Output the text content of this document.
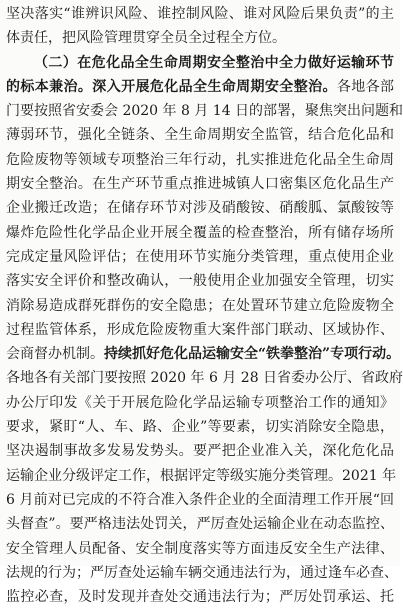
坚决落实“谁辨识风险、谁控制风险、谁对风险后果负责”的主
体责任，把风险管理贯穿全员全过程全方位。
（二）在危化品全生命周期安全整治中全力做好运输环节
的标本兼治。深入开展危化品全生命周期安全整治。各地各部
门要按照省安委会 2020 年 8 月 14 日的部署，聚焦突出问题和
薄弱环节，强化全链条、全生命周期安全监管，结合危化品和
危险废物等领域专项整治三年行动，扎实推进危化品全生命周
期安全整治。在生产环节重点推进城镇人口密集区危化品生产
企业搬迁改造；在储存环节对涉及硝酸铵、硝酸胍、氯酸铵等
爆炸危险性化学品企业开展全覆盖的检查整治，所有储存场所
完成定量风险评估；在使用环节实施分类管理，重点使用企业
落实安全评价和整改确认，一般使用企业加强安全管理，切实
消除易造成群死群伤的安全隐患；在处置环节建立危险废物全
过程监管体系，形成危险废物重大案件部门联动、区域协作、
会商督办机制。持续抓好危化品运输安全“铁拳整治”专项行动。
各地各有关部门要按照 2020 年 6 月 28 日省委办公厅、省政府
办公厅印发《关于开展危险化学品运输专项整治工作的通知》
要求，紧盯“人、车、路、企业”等要素，切实消除安全隐患，
坚决遏制事故多发易发势头。要严把企业准入关，深化危化品
运输企业分级评定工作，根据评定等级实施分类管理。2021 年
6 月前对已完成的不符合准入条件企业的全面清理工作开展“回
头督查”。要严格违法处罚关，严厉查处运输企业在动态监控、
安全管理人员配备、安全制度落实等方面违反安全生产法律、
法规的行为；严厉查处运输车辆交通违法行为，通过逢车必查、
监控必查，及时发现并查处交通违法行为；严厉处罚承运、托
